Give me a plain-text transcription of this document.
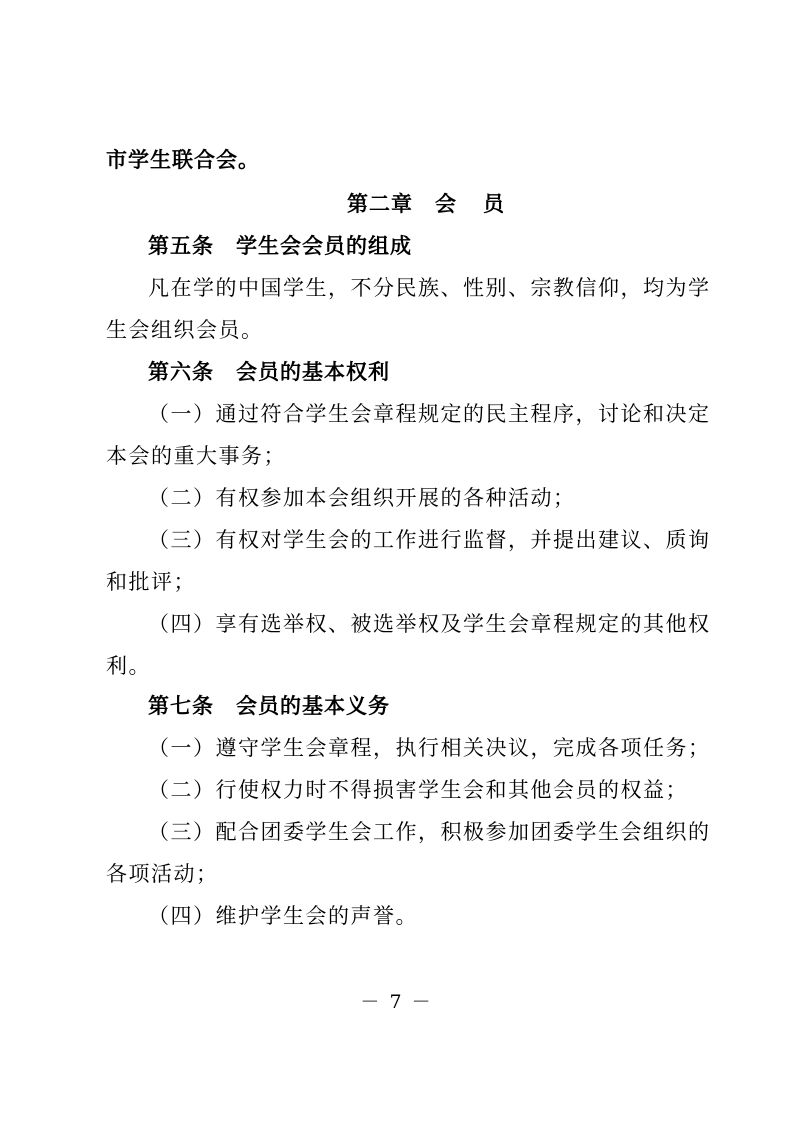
市学生联合会。
第二章 会 员
第五条 学生会会员的组成
凡在学的中国学生，不分民族、性别、宗教信仰，均为学
生会组织会员。
第六条 会员的基本权利
（一）通过符合学生会章程规定的民主程序，讨论和决定
本会的重大事务；
（二）有权参加本会组织开展的各种活动；
（三）有权对学生会的工作进行监督，并提出建议、质询
和批评；
（四）享有选举权、被选举权及学生会章程规定的其他权
利。
第七条 会员的基本义务
（一）遵守学生会章程，执行相关决议，完成各项任务；
（二）行使权力时不得损害学生会和其他会员的权益；
（三）配合团委学生会工作，积极参加团委学生会组织的
各项活动；
（四）维护学生会的声誉。
－ 7 －
